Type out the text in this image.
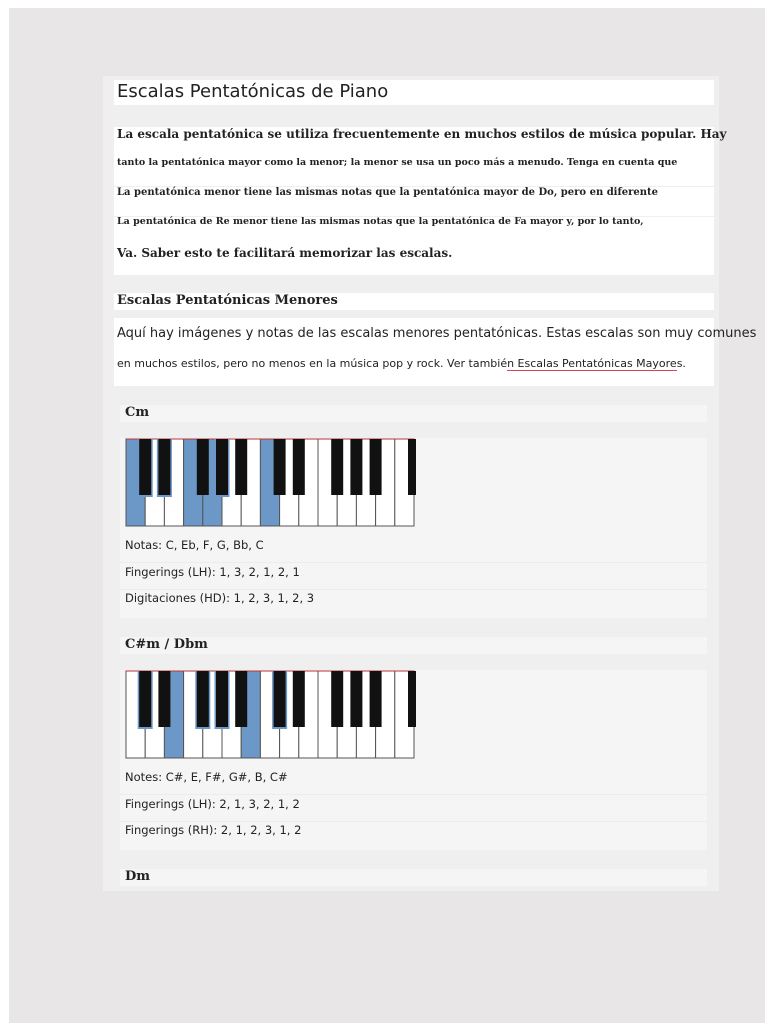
Escalas Pentatónicas de Piano
La escala pentatónica se utiliza frecuentemente en muchos estilos de música popular. Hay
tanto la pentatónica mayor como la menor; la menor se usa un poco más a menudo. Tenga en cuenta que
La pentatónica menor tiene las mismas notas que la pentatónica mayor de Do, pero en diferente
La pentatónica de Re menor tiene las mismas notas que la pentatónica de Fa mayor y, por lo tanto,
Va. Saber esto te facilitará memorizar las escalas.
Escalas Pentatónicas Menores
Aquí hay imágenes y notas de las escalas menores pentatónicas. Estas escalas son muy comunes
en muchos estilos, pero no menos en la música pop y rock. Ver también Escalas Pentatónicas Mayores.
Cm
Notas: C, Eb, F, G, Bb, C
Fingerings (LH): 1, 3, 2, 1, 2, 1
Digitaciones (HD): 1, 2, 3, 1, 2, 3
C#m / Dbm
Notes: C#, E, F#, G#, B, C#
Fingerings (LH): 2, 1, 3, 2, 1, 2
Fingerings (RH): 2, 1, 2, 3, 1, 2
Dm
